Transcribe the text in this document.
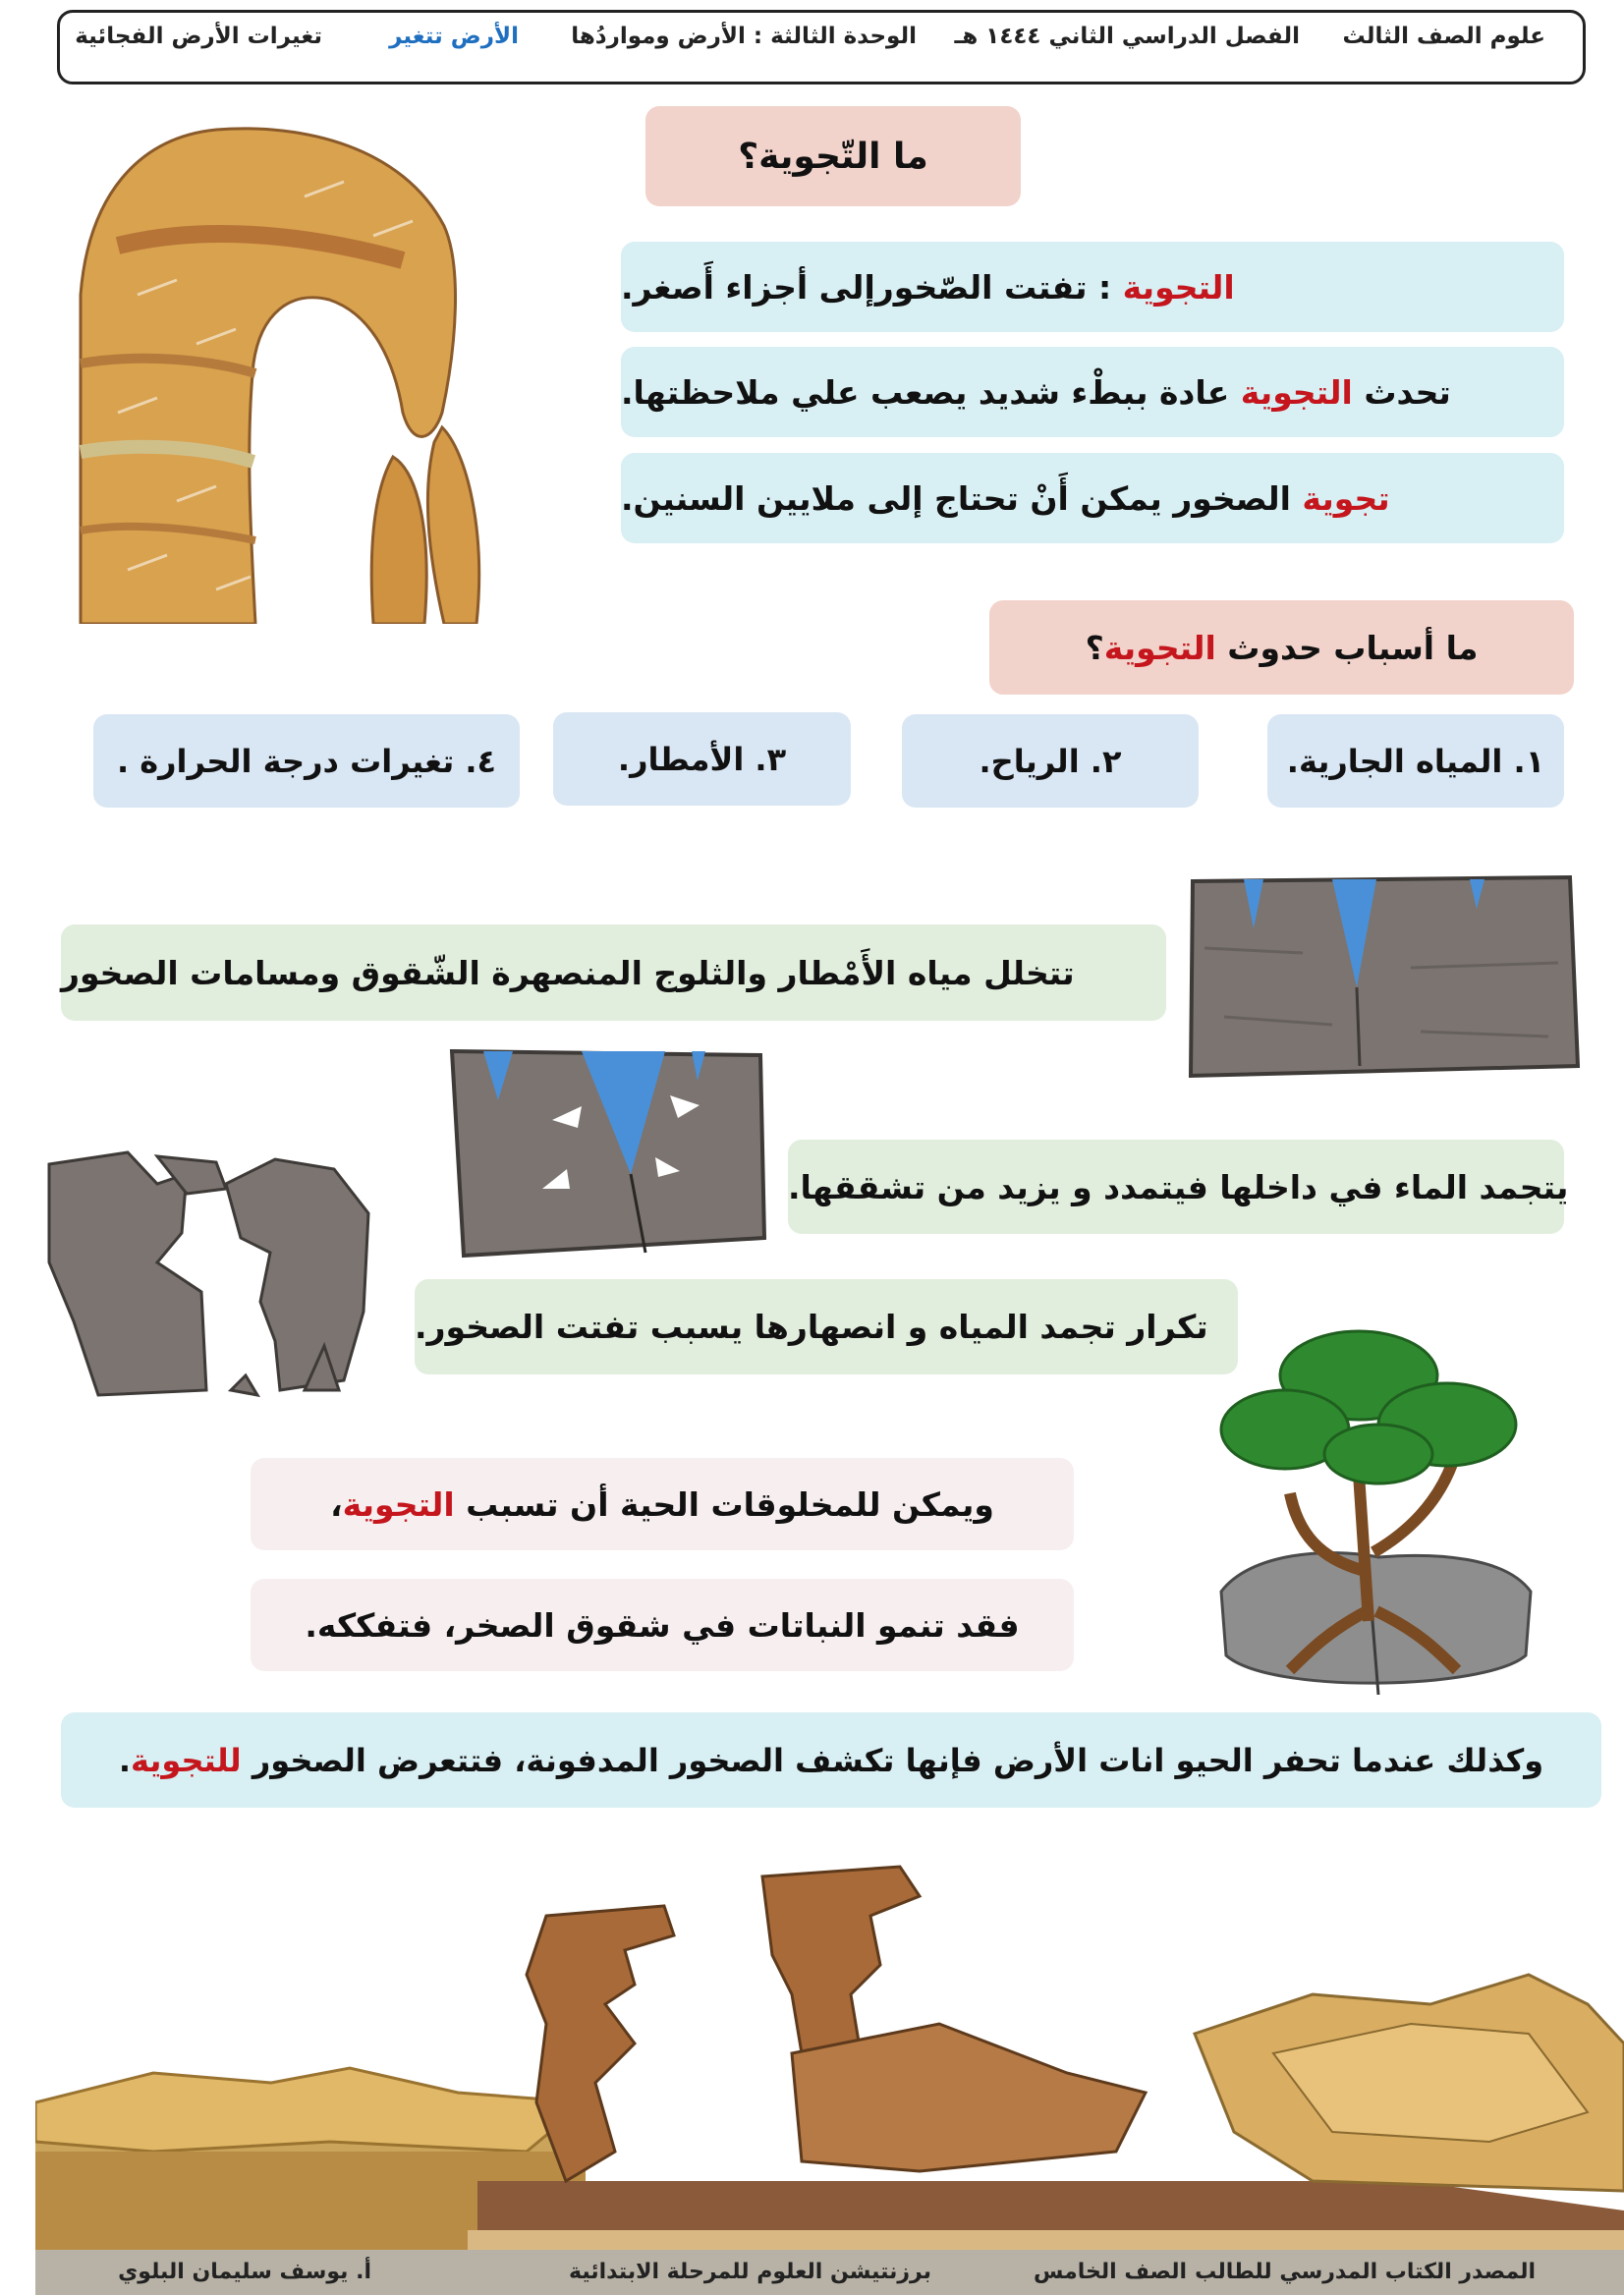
علوم الصف الثالث
الفصل الدراسي الثاني ١٤٤٤ هـ
الوحدة الثالثة : الأرض ومواردُها
الأرض تتغير
تغيرات الأرض الفجائية
ما التّجوية؟
التجوية : تفتت الصّخورإلى أجزاء أَصغر.
تحدث التجوية عادة ببطْء شديد يصعب علي ملاحظتها.
تجوية الصخور يمكن أَنْ تحتاج إلى ملايين السنين.
ما أسباب حدوث التجوية؟
١. المياه الجارية.
٢. الرياح.
٣. الأمطار.
٤. تغيرات درجة الحرارة .
تتخلل مياه الأَمْطار والثلوج المنصهرة الشّقوق ومسامات الصخور
يتجمد الماء في داخلها فيتمدد و يزيد من تشققها.
تكرار تجمد المياه و انصهارها يسبب تفتت الصخور.
ويمكن للمخلوقات الحية أن تسبب التجوية،
فقد تنمو النباتات في شقوق الصخر، فتفككه.
وكذلك عندما تحفر الحيو انات الأرض فإنها تكشف الصخور المدفونة، فتتعرض الصخور للتجوية.
المصدر الكتاب المدرسي للطالب
الصف الخامس
برزنتيشن العلوم للمرحلة الابتدائية
أ. يوسف سليمان البلوي
